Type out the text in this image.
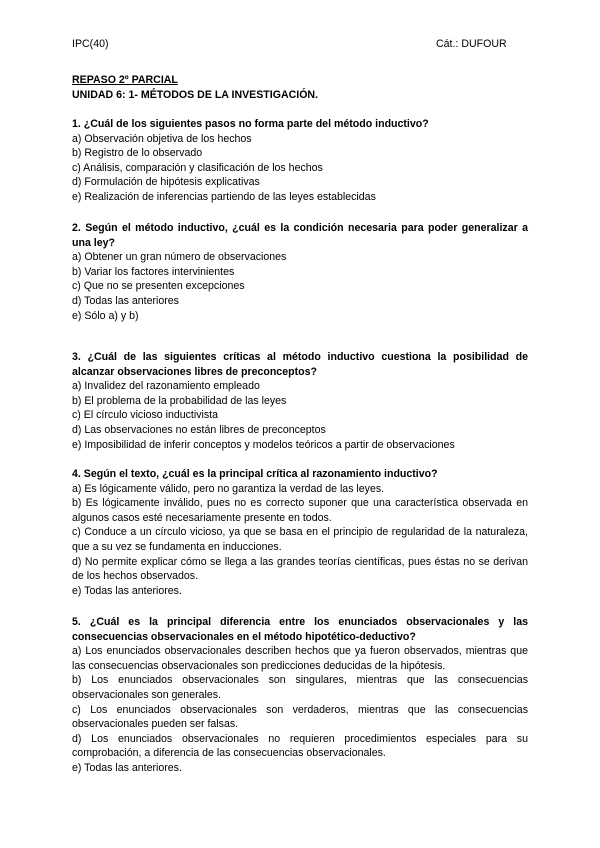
IPC(40)	Cát.: DUFOUR
REPASO 2º PARCIAL
UNIDAD 6: 1- MÉTODOS DE LA INVESTIGACIÓN.

1. ¿Cuál de los siguientes pasos no forma parte del método inductivo?

a) Observación objetiva de los hechos
b) Registro de lo observado
c) Análisis, comparación y clasificación de los hechos
d) Formulación de hipótesis explicativas
e) Realización de inferencias partiendo de las leyes establecidas

2. Según el método inductivo, ¿cuál es la condición necesaria para poder generalizar a una ley?

a) Obtener un gran número de observaciones
b) Variar los factores intervinientes
c) Que no se presenten excepciones
d) Todas las anteriores
e) Sólo a) y b)

3. ¿Cuál de las siguientes críticas al método inductivo cuestiona la posibilidad de alcanzar observaciones libres de preconceptos?

a) Invalidez del razonamiento empleado
b) El problema de la probabilidad de las leyes
c) El círculo vicioso inductivista
d) Las observaciones no están libres de preconceptos
e) Imposibilidad de inferir conceptos y modelos teóricos a partir de observaciones

4. Según el texto, ¿cuál es la principal crítica al razonamiento inductivo?

a) Es lógicamente válido, pero no garantiza la verdad de las leyes.
b) Es lógicamente inválido, pues no es correcto suponer que una característica observada en algunos casos esté necesariamente presente en todos.
c) Conduce a un círculo vicioso, ya que se basa en el principio de regularidad de la naturaleza, que a su vez se fundamenta en inducciones.
d) No permite explicar cómo se llega a las grandes teorías científicas, pues éstas no se derivan de los hechos observados.
e) Todas las anteriores.

5. ¿Cuál es la principal diferencia entre los enunciados observacionales y las consecuencias observacionales en el método hipotético-deductivo?

a) Los enunciados observacionales describen hechos que ya fueron observados, mientras que las consecuencias observacionales son predicciones deducidas de la hipótesis.
b) Los enunciados observacionales son singulares, mientras que las consecuencias observacionales son generales.
c) Los enunciados observacionales son verdaderos, mientras que las consecuencias observacionales pueden ser falsas.
d) Los enunciados observacionales no requieren procedimientos especiales para su comprobación, a diferencia de las consecuencias observacionales.
e) Todas las anteriores.
